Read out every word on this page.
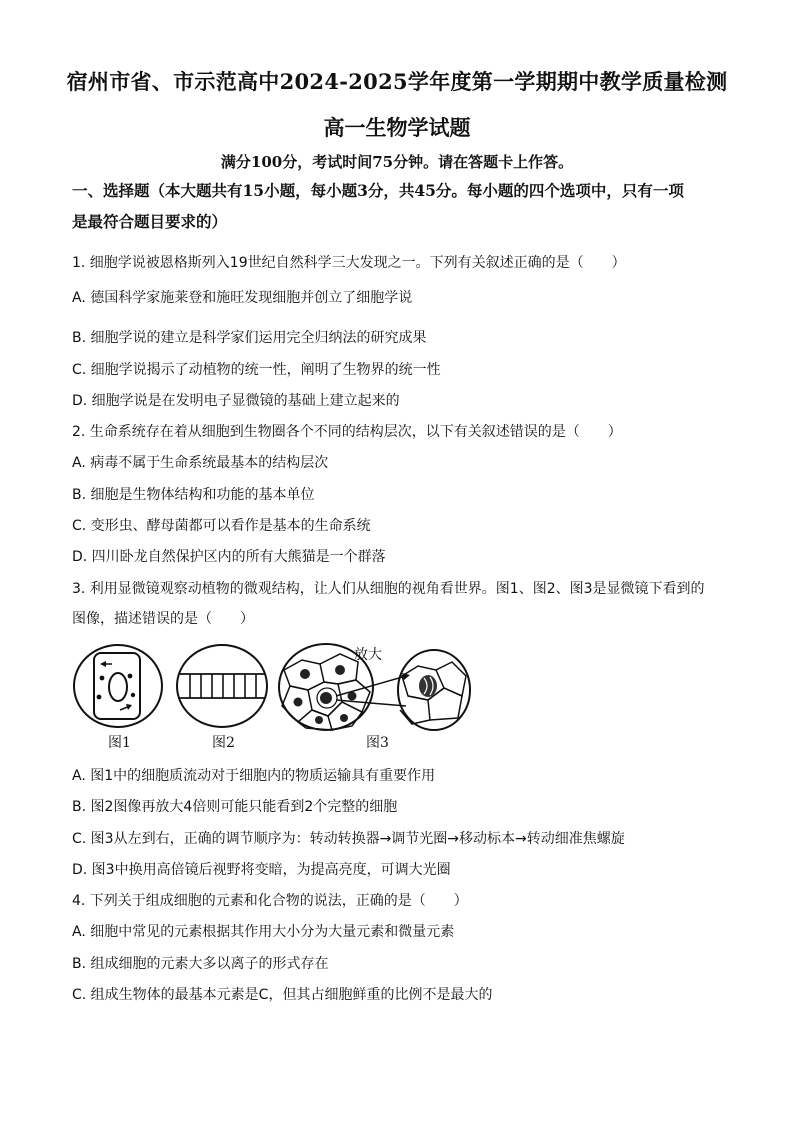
宿州市省、市示范高中2024-2025学年度第一学期期中教学质量检测
高一生物学试题
满分100分，考试时间75分钟。请在答题卡上作答。
一、选择题（本大题共有15小题，每小题3分，共45分。每小题的四个选项中，只有一项
是最符合题目要求的）
1. 细胞学说被恩格斯列入19世纪自然科学三大发现之一。下列有关叙述正确的是（　　）
A. 德国科学家施莱登和施旺发现细胞并创立了细胞学说
B. 细胞学说的建立是科学家们运用完全归纳法的研究成果
C. 细胞学说揭示了动植物的统一性，阐明了生物界的统一性
D. 细胞学说是在发明电子显微镜的基础上建立起来的
2. 生命系统存在着从细胞到生物圈各个不同的结构层次，以下有关叙述错误的是（　　）
A. 病毒不属于生命系统最基本的结构层次
B. 细胞是生物体结构和功能的基本单位
C. 变形虫、酵母菌都可以看作是基本的生命系统
D. 四川卧龙自然保护区内的所有大熊猫是一个群落
3. 利用显微镜观察动植物的微观结构，让人们从细胞的视角看世界。图1、图2、图3是显微镜下看到的
图像，描述错误的是（　　）
放大
图1	图2	图3
A. 图1中的细胞质流动对于细胞内的物质运输具有重要作用
B. 图2图像再放大4倍则可能只能看到2个完整的细胞
C. 图3从左到右，正确的调节顺序为：转动转换器→调节光圈→移动标本→转动细准焦螺旋
D. 图3中换用高倍镜后视野将变暗，为提高亮度，可调大光圈
4. 下列关于组成细胞的元素和化合物的说法，正确的是（　　）
A. 细胞中常见的元素根据其作用大小分为大量元素和微量元素
B. 组成细胞的元素大多以离子的形式存在
C. 组成生物体的最基本元素是C，但其占细胞鲜重的比例不是最大的
